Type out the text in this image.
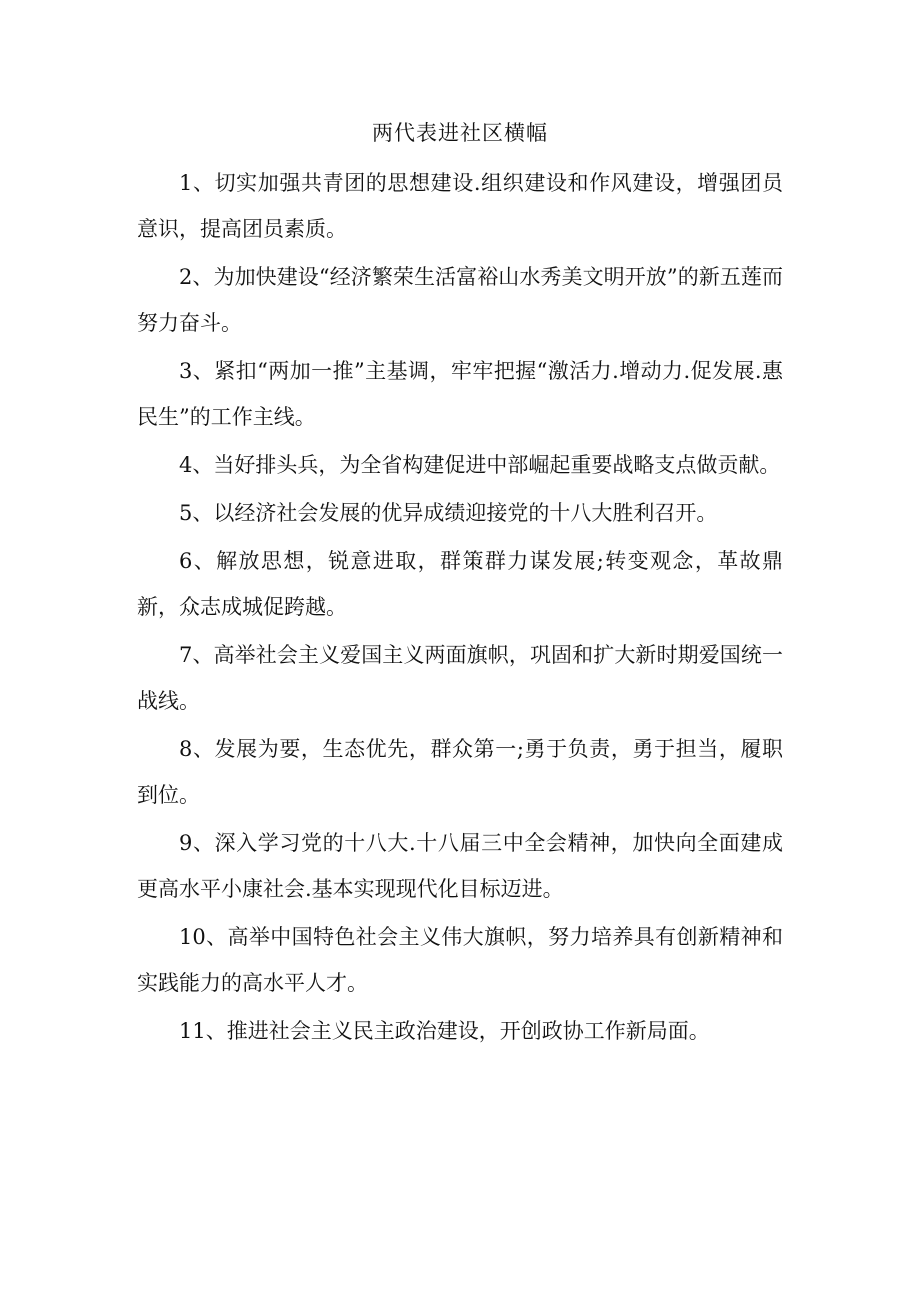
两代表进社区横幅

1、切实加强共青团的思想建设.组织建设和作风建设，增强团员意识，提高团员素质。

2、为加快建设“经济繁荣生活富裕山水秀美文明开放”的新五莲而努力奋斗。

3、紧扣“两加一推”主基调，牢牢把握“激活力.增动力.促发展.惠民生”的工作主线。

4、当好排头兵，为全省构建促进中部崛起重要战略支点做贡献。

5、以经济社会发展的优异成绩迎接党的十八大胜利召开。

6、解放思想，锐意进取，群策群力谋发展;转变观念，革故鼎新，众志成城促跨越。

7、高举社会主义爱国主义两面旗帜，巩固和扩大新时期爱国统一战线。

8、发展为要，生态优先，群众第一;勇于负责，勇于担当，履职到位。

9、深入学习党的十八大.十八届三中全会精神，加快向全面建成更高水平小康社会.基本实现现代化目标迈进。

10、高举中国特色社会主义伟大旗帜，努力培养具有创新精神和实践能力的高水平人才。

11、推进社会主义民主政治建设，开创政协工作新局面。
